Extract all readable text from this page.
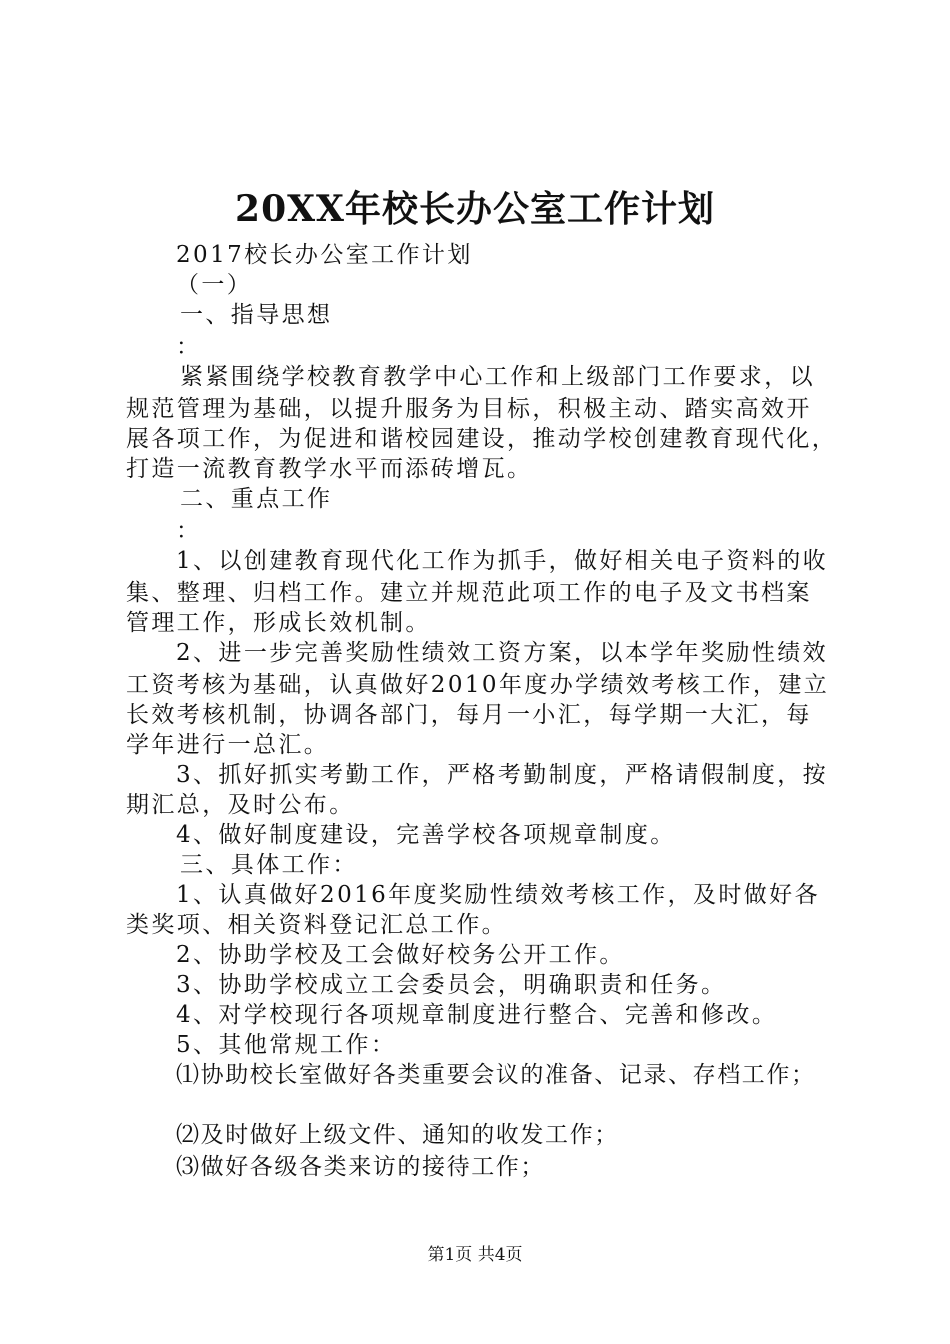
20XX年校长办公室工作计划
2017校长办公室工作计划
（一）
一、指导思想
：
紧紧围绕学校教育教学中心工作和上级部门工作要求，以
规范管理为基础，以提升服务为目标，积极主动、踏实高效开
展各项工作，为促进和谐校园建设，推动学校创建教育现代化，
打造一流教育教学水平而添砖增瓦。
二、重点工作
：
1、以创建教育现代化工作为抓手，做好相关电子资料的收
集、整理、归档工作。建立并规范此项工作的电子及文书档案
管理工作，形成长效机制。
2、进一步完善奖励性绩效工资方案，以本学年奖励性绩效
工资考核为基础，认真做好2010年度办学绩效考核工作，建立
长效考核机制，协调各部门，每月一小汇，每学期一大汇，每
学年进行一总汇。
3、抓好抓实考勤工作，严格考勤制度，严格请假制度，按
期汇总，及时公布。
4、做好制度建设，完善学校各项规章制度。
三、具体工作：
1、认真做好2016年度奖励性绩效考核工作，及时做好各
类奖项、相关资料登记汇总工作。
2、协助学校及工会做好校务公开工作。
3、协助学校成立工会委员会，明确职责和任务。
4、对学校现行各项规章制度进行整合、完善和修改。
5、其他常规工作：
⑴协助校长室做好各类重要会议的准备、记录、存档工作；
⑵及时做好上级文件、通知的收发工作；
⑶做好各级各类来访的接待工作；
第1页 共4页
